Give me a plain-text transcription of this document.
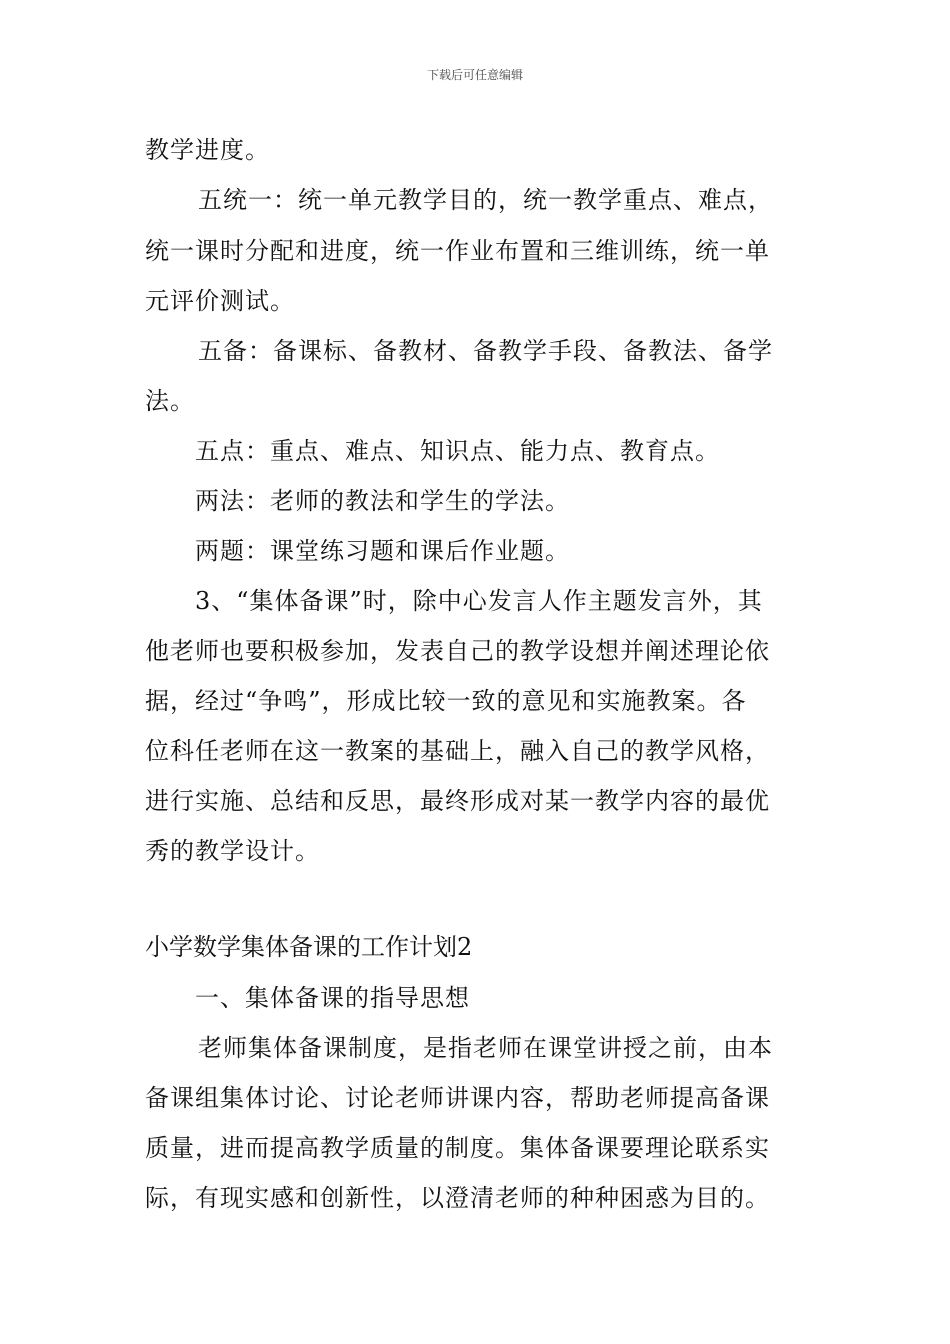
下载后可任意编辑
教学进度。
五统一：统一单元教学目的，统一教学重点、难点，
统一课时分配和进度，统一作业布置和三维训练，统一单
元评价测试。
五备：备课标、备教材、备教学手段、备教法、备学
法。
五点：重点、难点、知识点、能力点、教育点。
两法：老师的教法和学生的学法。
两题：课堂练习题和课后作业题。
3、“集体备课”时，除中心发言人作主题发言外，其
他老师也要积极参加，发表自己的教学设想并阐述理论依
据，经过“争鸣”，形成比较一致的意见和实施教案。各
位科任老师在这一教案的基础上，融入自己的教学风格，
进行实施、总结和反思，最终形成对某一教学内容的最优
秀的教学设计。
小学数学集体备课的工作计划2
一、集体备课的指导思想
老师集体备课制度，是指老师在课堂讲授之前，由本
备课组集体讨论、讨论老师讲课内容，帮助老师提高备课
质量，进而提高教学质量的制度。集体备课要理论联系实
际，有现实感和创新性，以澄清老师的种种困惑为目的。
